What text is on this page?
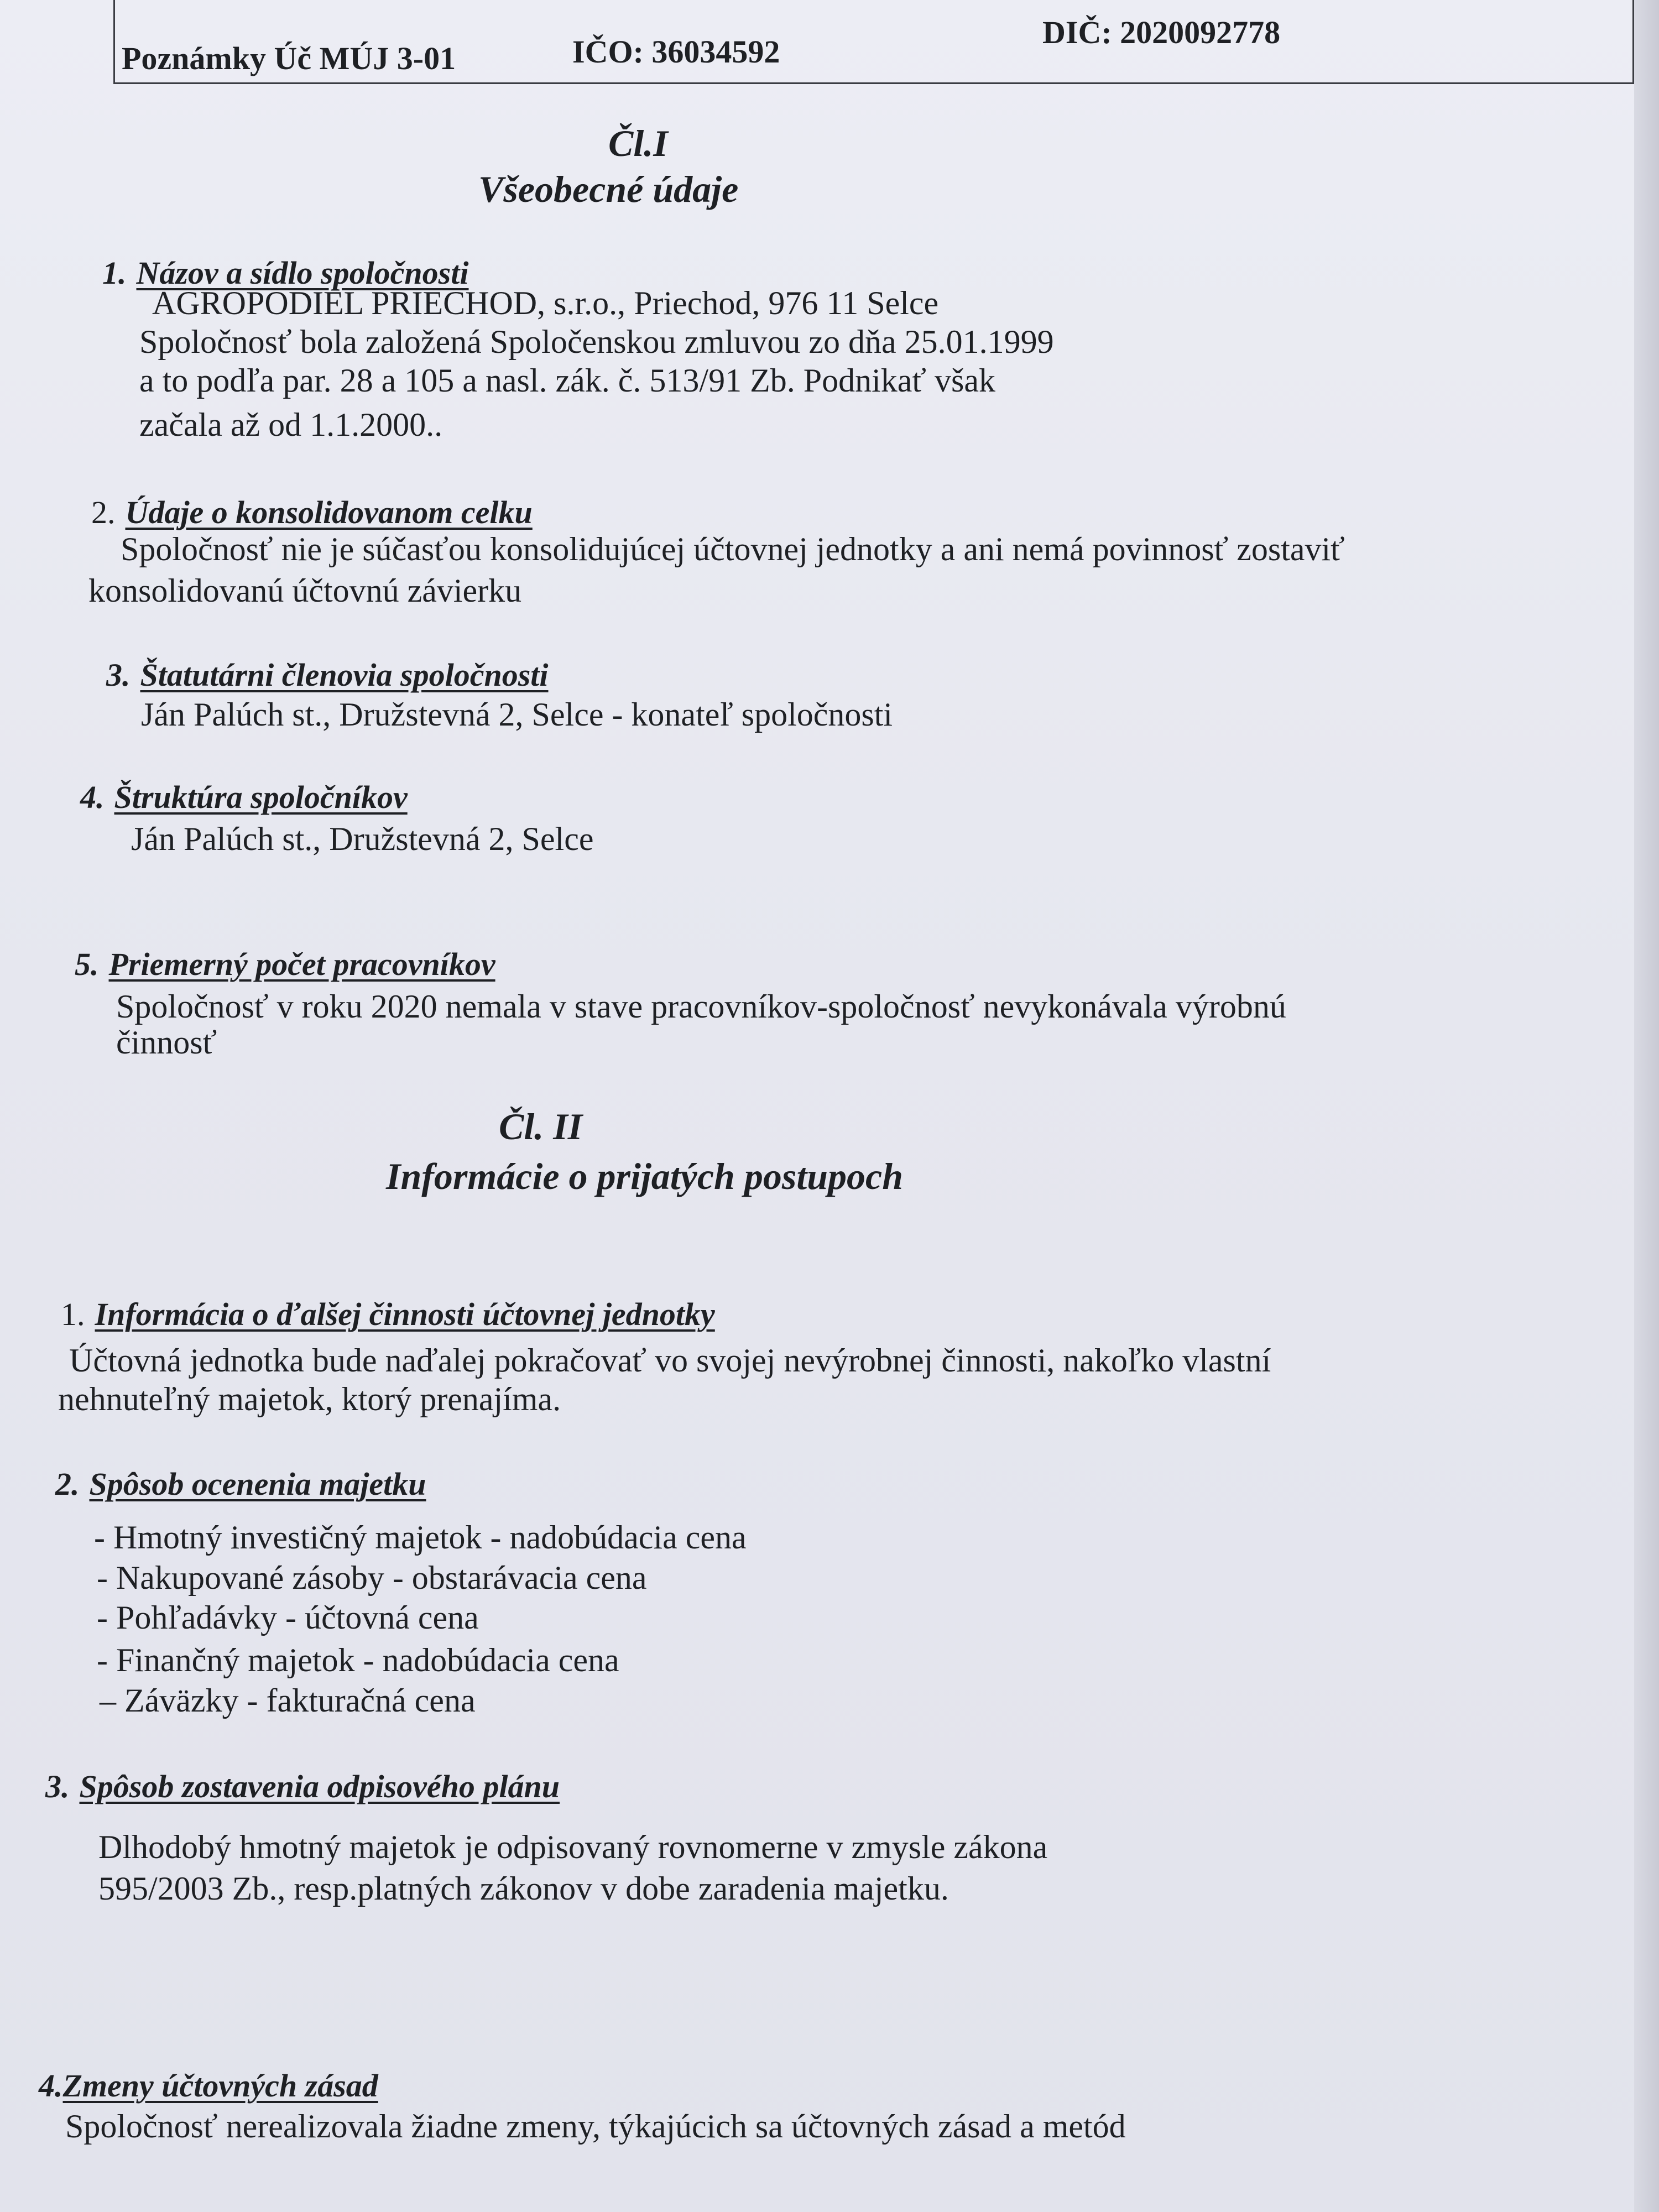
Poznámky Úč MÚJ 3-01	IČO: 36034592
DIČ: 2020092778
Čl.I
Všeobecné údaje
1. Názov a sídlo spoločnosti
AGROPODIEL PRIECHOD, s.r.o., Priechod, 976 11 Selce
Spoločnosť bola založená Spoločenskou zmluvou zo dňa 25.01.1999
a to podľa par. 28 a 105 a nasl. zák. č. 513/91 Zb. Podnikať však
začala až od 1.1.2000..
2. Údaje o konsolidovanom celku
Spoločnosť nie je súčasťou konsolidujúcej účtovnej jednotky a ani nemá povinnosť zostaviť
konsolidovanú účtovnú závierku
3. Štatutárni členovia spoločnosti
Ján Palúch st., Družstevná 2, Selce - konateľ spoločnosti
4. Štruktúra spoločníkov
Ján Palúch st., Družstevná 2, Selce
5. Priemerný počet pracovníkov
Spoločnosť v roku 2020 nemala v stave pracovníkov-spoločnosť nevykonávala výrobnú
činnosť
Čl. II
Informácie o prijatých postupoch
1. Informácia o ďalšej činnosti účtovnej jednotky
Účtovná jednotka bude naďalej pokračovať vo svojej nevýrobnej činnosti, nakoľko vlastní
nehnuteľný majetok, ktorý prenajíma.
2. Spôsob ocenenia majetku
- Hmotný investičný majetok - nadobúdacia cena
- Nakupované zásoby - obstarávacia cena
- Pohľadávky - účtovná cena
- Finančný majetok - nadobúdacia cena
– Záväzky - fakturačná cena
3. Spôsob zostavenia odpisového plánu
Dlhodobý hmotný majetok je odpisovaný rovnomerne v zmysle zákona
595/2003 Zb., resp.platných zákonov v dobe zaradenia majetku.
4.Zmeny účtovných zásad
Spoločnosť nerealizovala žiadne zmeny, týkajúcich sa účtovných zásad a metód
